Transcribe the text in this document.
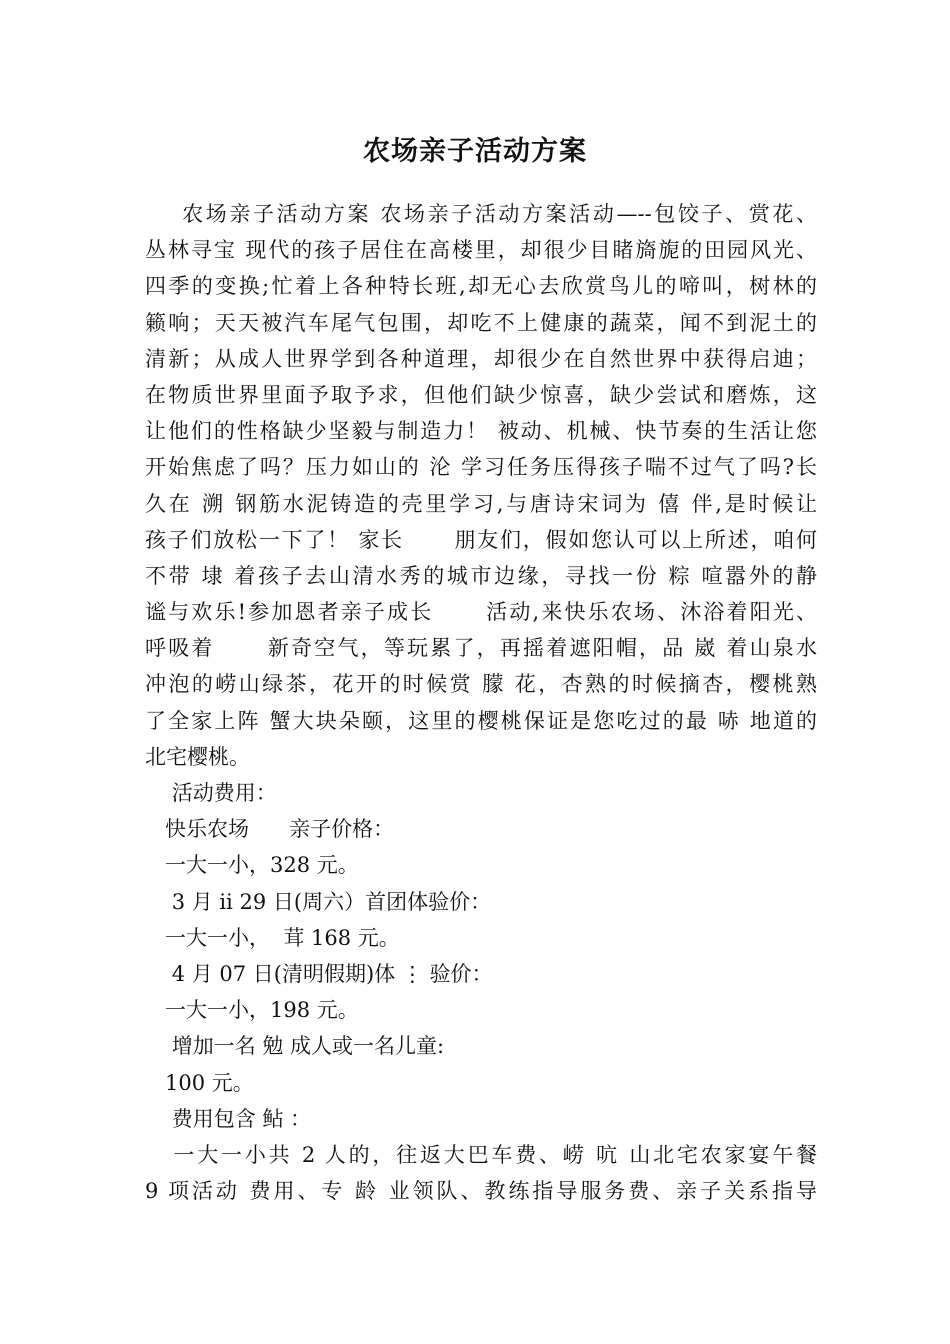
农场亲子活动方案
农场亲子活动方案 农场亲子活动方案活动—--包饺子、赏花、
丛林寻宝 现代的孩子居住在高楼里，却很少目睹旖旎的田园风光、
四季的变换;忙着上各种特长班,却无心去欣赏鸟儿的啼叫，树林的
籁响；天天被汽车尾气包围，却吃不上健康的蔬菜，闻不到泥土的
清新；从成人世界学到各种道理，却很少在自然世界中获得启迪；
在物质世界里面予取予求，但他们缺少惊喜，缺少尝试和磨炼，这
让他们的性格缺少坚毅与制造力！ 被动、机械、快节奏的生活让您
开始焦虑了吗？压力如山的 沦 学习任务压得孩子喘不过气了吗?长
久在 溯 钢筋水泥铸造的壳里学习,与唐诗宋词为 僖 伴,是时候让
孩子们放松一下了！ 家长      朋友们，假如您认可以上所述，咱何
不带 埭 着孩子去山清水秀的城市边缘，寻找一份 粽 喧嚣外的静
谧与欢乐!参加恩者亲子成长      活动,来快乐农场、沐浴着阳光、
呼吸着      新奇空气，等玩累了，再摇着遮阳帽，品 崴 着山泉水
冲泡的崂山绿茶，花开的时候赏 朦 花，杏熟的时候摘杏，樱桃熟
了全家上阵 蟹大块朵颐，这里的樱桃保证是您吃过的最 哧 地道的
北宅樱桃。
活动费用：
快乐农场      亲子价格：
一大一小，328 元。
3 月 ⅱ 29 日(周六）首团体验价：
一大一小，  茸 168 元。
4 月 07 日(清明假期)体 ⋮ 验价：
一大一小，198 元。
增加一名 勉 成人或一名儿童:
100 元。
费用包含 鲇 ：
一大一小共 2 人的，往返大巴车费、崂 吭 山北宅农家宴午餐
9 项活动 费用、专 龄 业领队、教练指导服务费、亲子关系指导
